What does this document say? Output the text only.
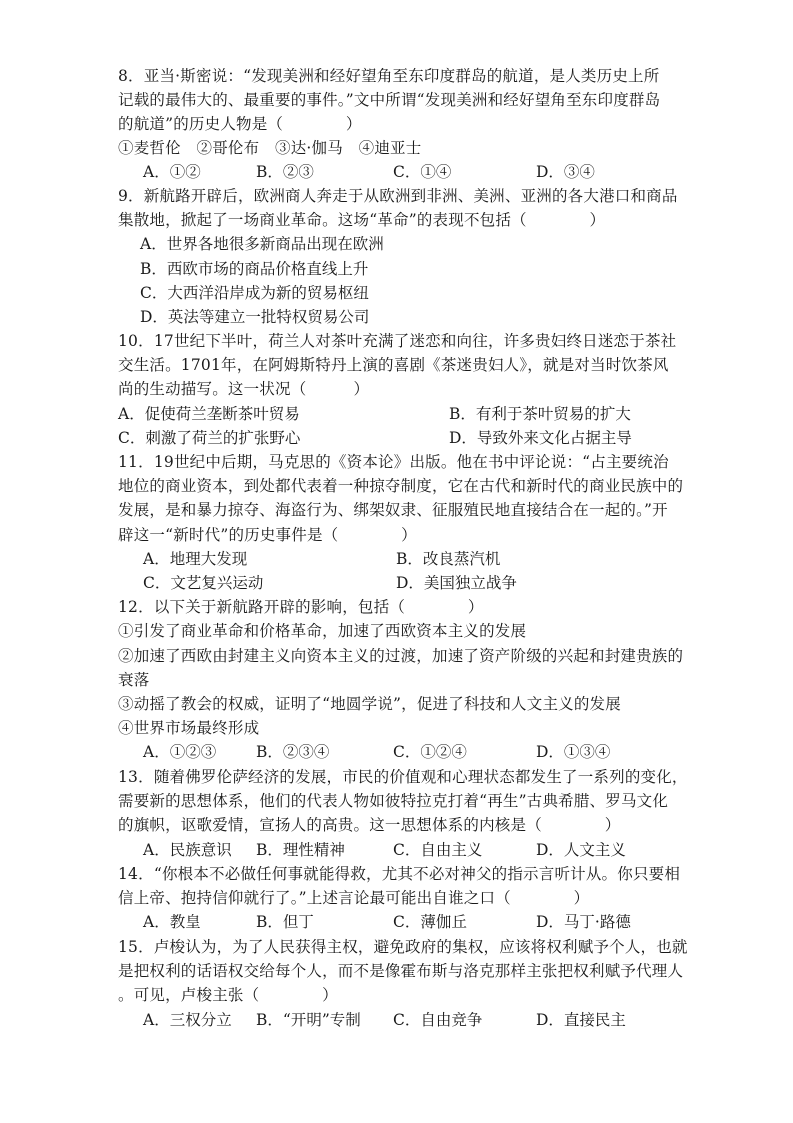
8．亚当·斯密说：“发现美洲和经好望角至东印度群岛的航道，是人类历史上所
记载的最伟大的、最重要的事件。”文中所谓“发现美洲和经好望角至东印度群岛
的航道”的历史人物是（　　　　）
①麦哲伦　②哥伦布　③达·伽马　④迪亚士
A．①②	B．②③	C．①④	D．③④
9．新航路开辟后，欧洲商人奔走于从欧洲到非洲、美洲、亚洲的各大港口和商品
集散地，掀起了一场商业革命。这场“革命”的表现不包括（　　　　）
A．世界各地很多新商品出现在欧洲
B．西欧市场的商品价格直线上升
C．大西洋沿岸成为新的贸易枢纽
D．英法等建立一批特权贸易公司
10．17世纪下半叶，荷兰人对茶叶充满了迷恋和向往，许多贵妇终日迷恋于茶社
交生活。1701年，在阿姆斯特丹上演的喜剧《茶迷贵妇人》，就是对当时饮茶风
尚的生动描写。这一状况（　　　）
A．促使荷兰垄断茶叶贸易	B．有利于茶叶贸易的扩大
C．刺激了荷兰的扩张野心	D．导致外来文化占据主导
11．19世纪中后期，马克思的《资本论》出版。他在书中评论说：“占主要统治
地位的商业资本，到处都代表着一种掠夺制度，它在古代和新时代的商业民族中的
发展，是和暴力掠夺、海盗行为、绑架奴隶、征服殖民地直接结合在一起的。”开
辟这一“新时代”的历史事件是（　　　　）
A．地理大发现	B．改良蒸汽机
C．文艺复兴运动	D．美国独立战争
12．以下关于新航路开辟的影响，包括（　　　　）
①引发了商业革命和价格革命，加速了西欧资本主义的发展
②加速了西欧由封建主义向资本主义的过渡，加速了资产阶级的兴起和封建贵族的
衰落
③动摇了教会的权威，证明了“地圆学说”，促进了科技和人文主义的发展
④世界市场最终形成
A．①②③	B．②③④	C．①②④	D．①③④
13．随着佛罗伦萨经济的发展，市民的价值观和心理状态都发生了一系列的变化，
需要新的思想体系，他们的代表人物如彼特拉克打着“再生”古典希腊、罗马文化
的旗帜，讴歌爱情，宣扬人的高贵。这一思想体系的内核是（　　　　）
A．民族意识 B．理性精神	C．自由主义	D．人文主义
14．“你根本不必做任何事就能得救，尤其不必对神父的指示言听计从。你只要相
信上帝、抱持信仰就行了。”上述言论最可能出自谁之口（　　　　）
A．教皇	B．但丁	C．薄伽丘	D．马丁·路德
15．卢梭认为，为了人民获得主权，避免政府的集权，应该将权利赋予个人，也就
是把权利的话语权交给每个人，而不是像霍布斯与洛克那样主张把权利赋予代理人
。可见，卢梭主张（　　　　）
A．三权分立 B．“开明”专制 C．自由竞争	D．直接民主
